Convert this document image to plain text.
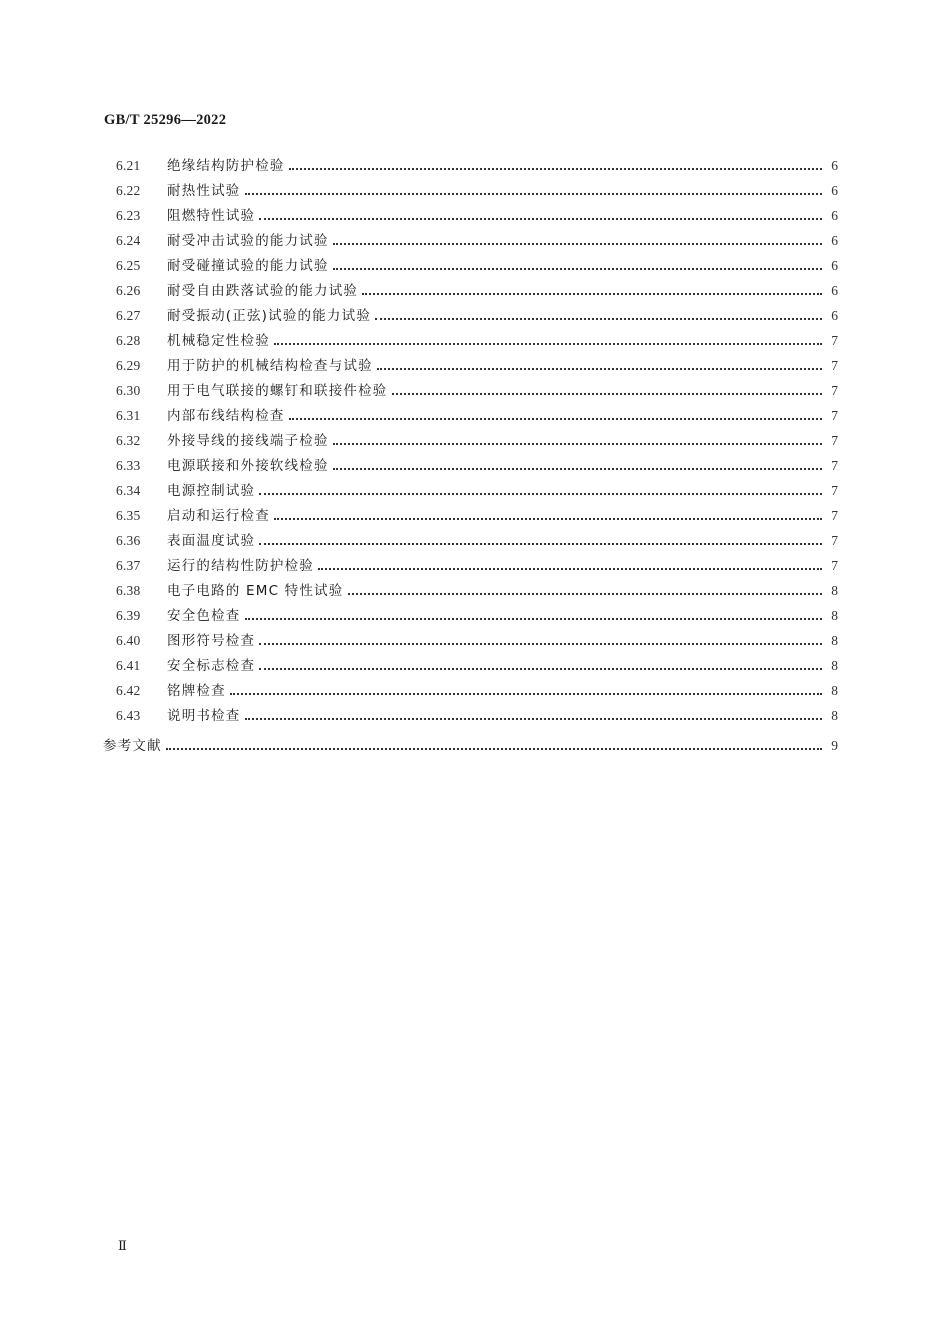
GB/T 25296—2022
6.21	绝缘结构防护检验	6
6.22	耐热性试验	6
6.23	阻燃特性试验	6
6.24	耐受冲击试验的能力试验	6
6.25	耐受碰撞试验的能力试验	6
6.26	耐受自由跌落试验的能力试验	6
6.27	耐受振动(正弦)试验的能力试验	6
6.28	机械稳定性检验	7
6.29	用于防护的机械结构检查与试验	7
6.30	用于电气联接的螺钉和联接件检验	7
6.31	内部布线结构检查	7
6.32	外接导线的接线端子检验	7
6.33	电源联接和外接软线检验	7
6.34	电源控制试验	7
6.35	启动和运行检查	7
6.36	表面温度试验	7
6.37	运行的结构性防护检验	7
6.38	电子电路的 EMC 特性试验	8
6.39	安全色检查	8
6.40	图形符号检查	8
6.41	安全标志检查	8
6.42	铭牌检查	8
6.43	说明书检查	8
参考文献	9
Ⅱ
